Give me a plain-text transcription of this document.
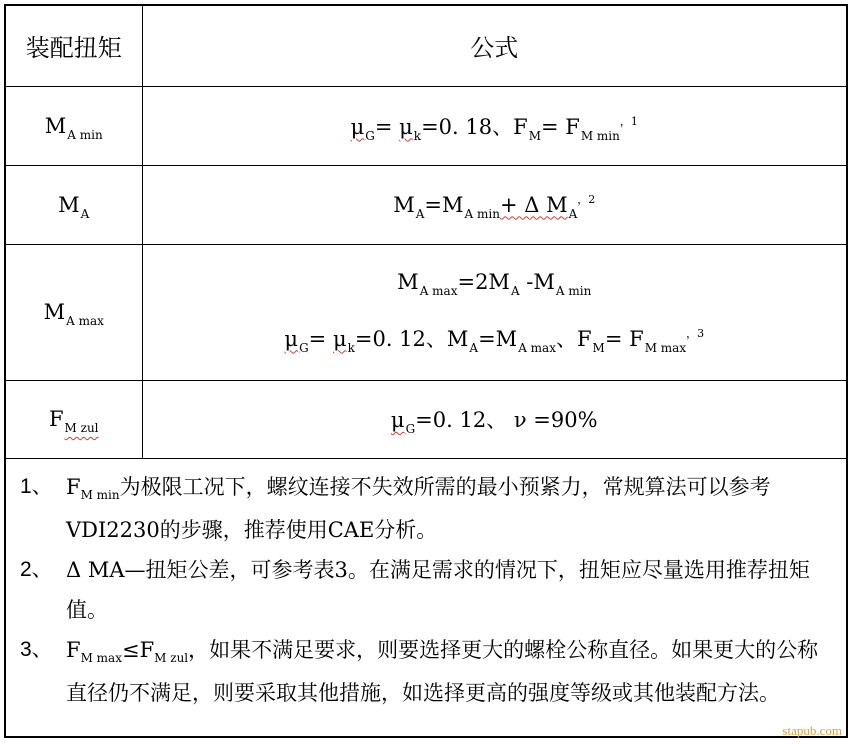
装配扭矩	公式
$M_{A min}$	$\mu_G= \mu_k=0$. 18、$F_M= F_{M min}^{,1}$
$M_A$	$M_A=M_{A min}+ \Delta$ $M_A^{,2}$
$M_{A max}$	$M_{A max}=2M_A$ $-M_{A min}$
$\mu_G= \mu_k=0$. 12、$M_A=M_{A max}$、$F_M= F_{M max}^{,3}$

$F_{M zul}$	$\mu_G=0$. 12、 ν =90%
1、 $F_{M min}$为极限工况下，螺纹连接不失效所需的最小预紧力，常规算法可以参考VDI2230的步骤，推荐使用CAE分析。
2、 Δ MA—扭矩公差，可参考表3。在满足需求的情况下，扭矩应尽量选用推荐扭矩值。
3、 $F_{M max}\le F_{M zul}$，如果不满足要求，则要选择更大的螺栓公称直径。如果更大的公称直径仍不满足，则要采取其他措施，如选择更高的强度等级或其他装配方法。
stapub.com
